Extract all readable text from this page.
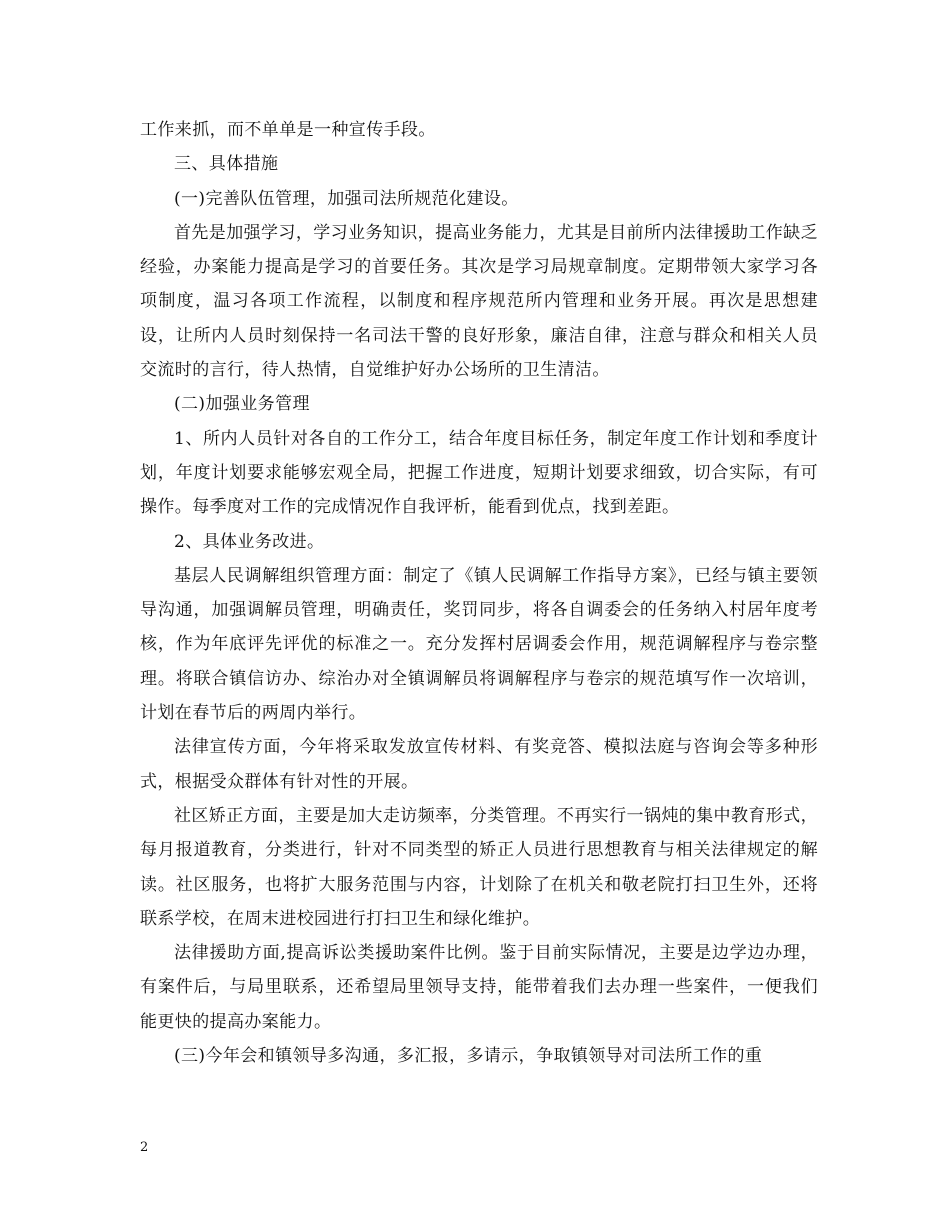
工作来抓，而不单单是一种宣传手段。

三、具体措施

(一)完善队伍管理，加强司法所规范化建设。

首先是加强学习，学习业务知识，提高业务能力，尤其是目前所内法律援助工作缺乏经验，办案能力提高是学习的首要任务。其次是学习局规章制度。定期带领大家学习各项制度，温习各项工作流程，以制度和程序规范所内管理和业务开展。再次是思想建设，让所内人员时刻保持一名司法干警的良好形象，廉洁自律，注意与群众和相关人员交流时的言行，待人热情，自觉维护好办公场所的卫生清洁。

(二)加强业务管理

1、所内人员针对各自的工作分工，结合年度目标任务，制定年度工作计划和季度计划，年度计划要求能够宏观全局，把握工作进度，短期计划要求细致，切合实际，有可操作。每季度对工作的完成情况作自我评析，能看到优点，找到差距。

2、具体业务改进。

基层人民调解组织管理方面：制定了《镇人民调解工作指导方案》，已经与镇主要领导沟通，加强调解员管理，明确责任，奖罚同步，将各自调委会的任务纳入村居年度考核，作为年底评先评优的标准之一。充分发挥村居调委会作用，规范调解程序与卷宗整理。将联合镇信访办、综治办对全镇调解员将调解程序与卷宗的规范填写作一次培训，计划在春节后的两周内举行。

法律宣传方面，今年将采取发放宣传材料、有奖竞答、模拟法庭与咨询会等多种形式，根据受众群体有针对性的开展。

社区矫正方面，主要是加大走访频率，分类管理。不再实行一锅炖的集中教育形式，每月报道教育，分类进行，针对不同类型的矫正人员进行思想教育与相关法律规定的解读。社区服务，也将扩大服务范围与内容，计划除了在机关和敬老院打扫卫生外，还将联系学校，在周末进校园进行打扫卫生和绿化维护。

法律援助方面,提高诉讼类援助案件比例。鉴于目前实际情况，主要是边学边办理，有案件后，与局里联系，还希望局里领导支持，能带着我们去办理一些案件，一便我们能更快的提高办案能力。

(三)今年会和镇领导多沟通，多汇报，多请示，争取镇领导对司法所工作的重

2
